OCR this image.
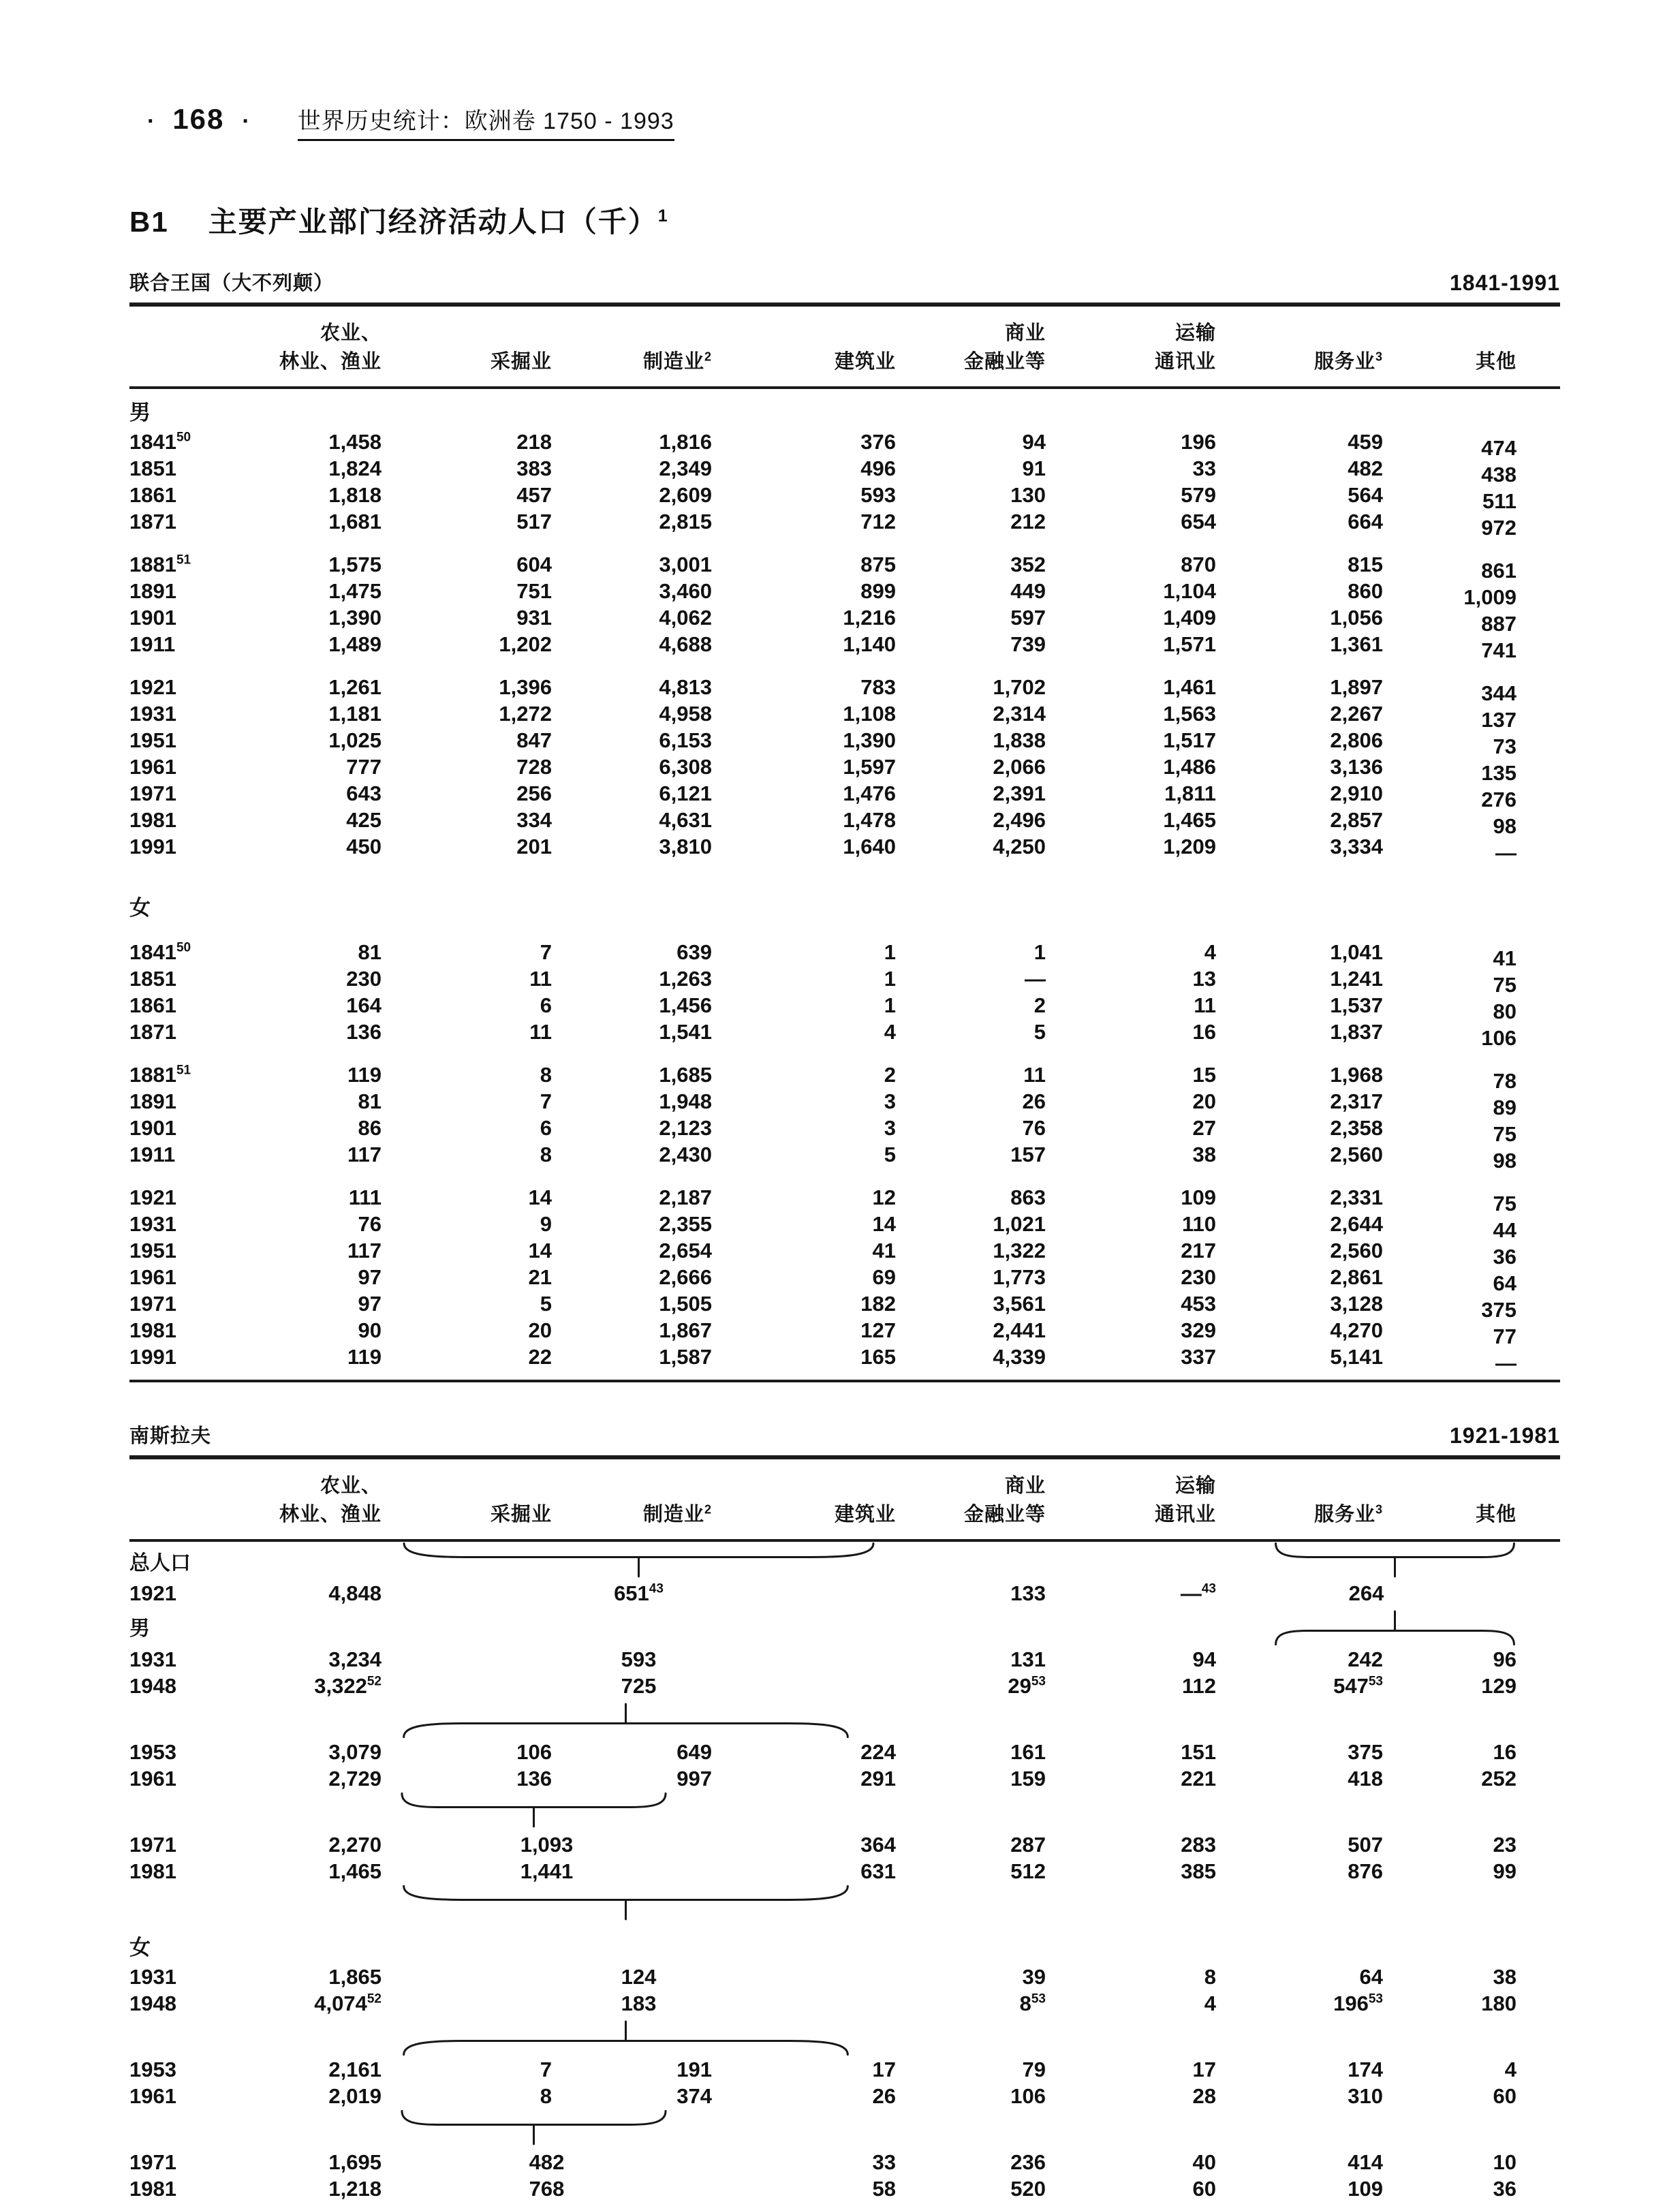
· 168 · 世界历史统计：欧洲卷 1750 - 1993
B1 主要产业部门经济活动人口（千）$^1$
联合王国（大不列颠）	1841-1991
	农业、				商业	运输		
	林业、渔业	采掘业	制造业$^2$	建筑业	金融业等	通讯业	服务业$^3$	其他
男								
1841$^{50}$	1,458	218	1,816	376	94	196	459	474
1851	1,824	383	2,349	496	91	33	482	438
1861	1,818	457	2,609	593	130	579	564	511
1871	1,681	517	2,815	712	212	654	664	972

1881$^{51}$	1,575	604	3,001	875	352	870	815	861
1891	1,475	751	3,460	899	449	1,104	860	1,009
1901	1,390	931	4,062	1,216	597	1,409	1,056	887
1911	1,489	1,202	4,688	1,140	739	1,571	1,361	741

1921	1,261	1,396	4,813	783	1,702	1,461	1,897	344
1931	1,181	1,272	4,958	1,108	2,314	1,563	2,267	137
1951	1,025	847	6,153	1,390	1,838	1,517	2,806	73
1961	777	728	6,308	1,597	2,066	1,486	3,136	135
1971	643	256	6,121	1,476	2,391	1,811	2,910	276
1981	425	334	4,631	1,478	2,496	1,465	2,857	98
1991	450	201	3,810	1,640	4,250	1,209	3,334	—

女								

1841$^{50}$	81	7	639	1	1	4	1,041	41
1851	230	11	1,263	1	—	13	1,241	75
1861	164	6	1,456	1	2	11	1,537	80
1871	136	11	1,541	4	5	16	1,837	106

1881$^{51}$	119	8	1,685	2	11	15	1,968	78
1891	81	7	1,948	3	26	20	2,317	89
1901	86	6	2,123	3	76	27	2,358	75
1911	117	8	2,430	5	157	38	2,560	98

1921	111	14	2,187	12	863	109	2,331	75
1931	76	9	2,355	14	1,021	110	2,644	44
1951	117	14	2,654	41	1,322	217	2,560	36
1961	97	21	2,666	69	1,773	230	2,861	64
1971	97	5	1,505	182	3,561	453	3,128	375
1981	90	20	1,867	127	2,441	329	4,270	77
1991	119	22	1,587	165	4,339	337	5,141	—

南斯拉夫	1921-1981
	农业、				商业	运输		
	林业、渔业	采掘业	制造业$^2$	建筑业	金融业等	通讯业	服务业$^3$	其他
总人口		

1921	4,848	$651^{43}$			133	—$^{43}$	264	
男							

1931	3,234	593			131	94	242	96
1948	3,322$^{52}$	725			$29^{53}$	112	$547^{53}$	129

1953	3,079	106	649	224	161	151	375	16
1961	2,729	136	997	291	159	221	418	252

1971	2,270	1,093		364	287	283	507	23
1981	1,465	1,441		631	512	385	876	99

女								
1931	1,865	124			39	8	64	38
1948	4,074$^{52}$	183			$8^{53}$	4	$196^{53}$	180

1953	2,161	7	191	17	79	17	174	4
1961	2,019	8	374	26	106	28	310	60

1971	1,695	482		33	236	40	414	10
1981	1,218	768		58	520	60	109	36
